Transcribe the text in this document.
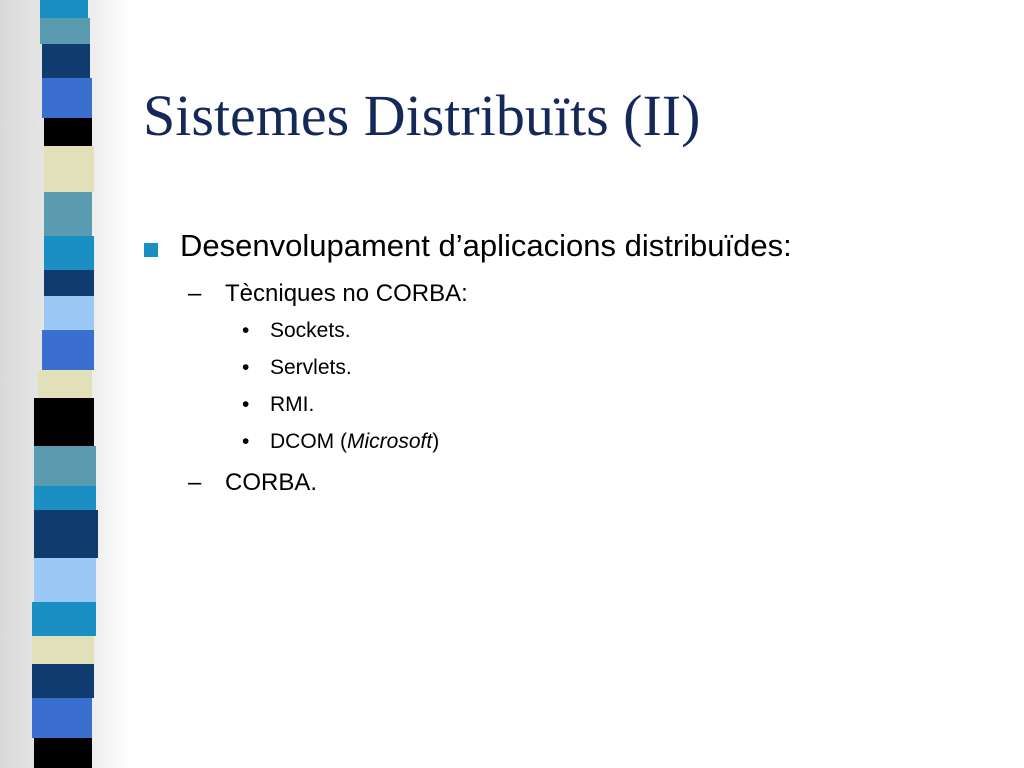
Sistemes Distribuïts (II)
Desenvolupament d’aplicacions distribuïdes:
– Tècniques no CORBA:
• Sockets.
• Servlets.
• RMI.
• DCOM (Microsoft)
– CORBA.
